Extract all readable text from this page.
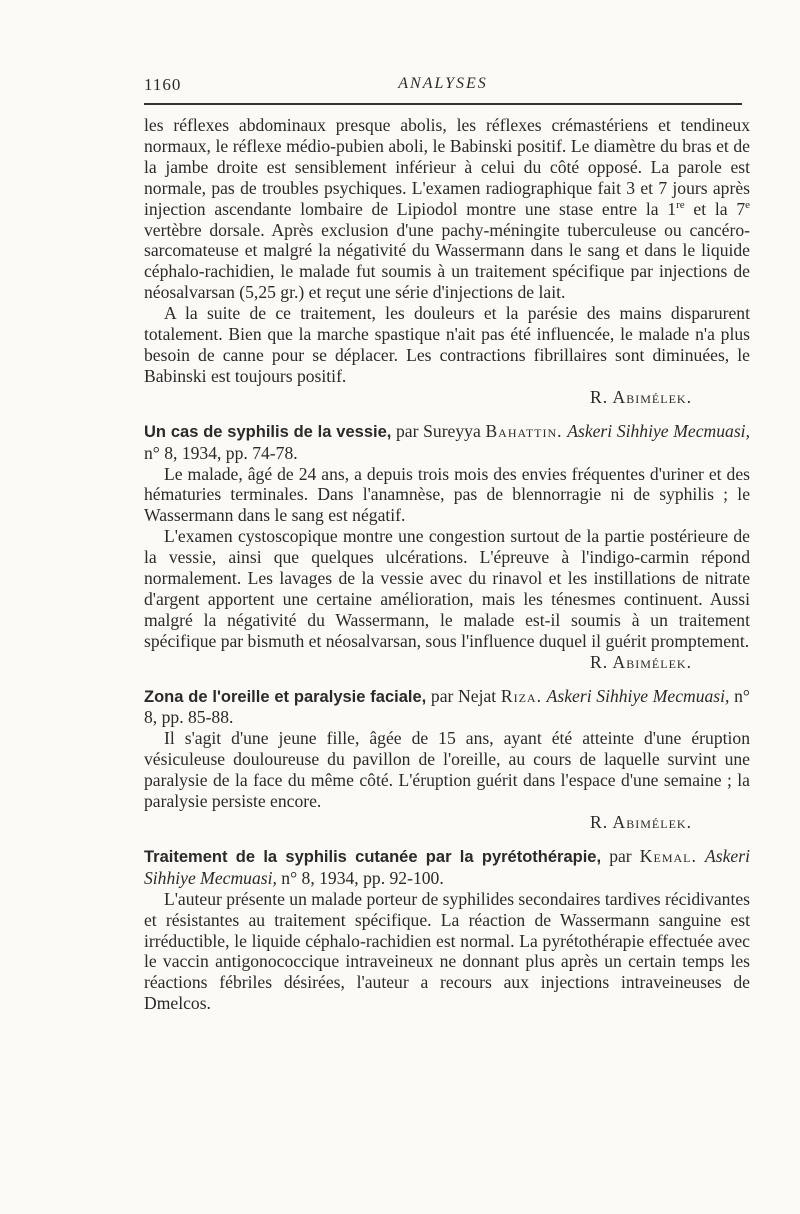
1160	ANALYSES

les réflexes abdominaux presque abolis, les réflexes crémastériens et tendineux normaux, le réflexe médio-pubien aboli, le Babinski positif. Le diamètre du bras et de la jambe droite est sensiblement inférieur à celui du côté opposé. La parole est normale, pas de troubles psychiques. L'examen radiographique fait 3 et 7 jours après injection ascendante lombaire de Lipiodol montre une stase entre la 1re et la 7e vertèbre dorsale. Après exclusion d'une pachy-méningite tuberculeuse ou cancéro-sarcomateuse et malgré la négativité du Wassermann dans le sang et dans le liquide céphalo-rachidien, le malade fut soumis à un traitement spécifique par injections de néosalvarsan (5,25 gr.) et reçut une série d'injections de lait.

A la suite de ce traitement, les douleurs et la parésie des mains disparurent totalement. Bien que la marche spastique n'ait pas été influencée, le malade n'a plus besoin de canne pour se déplacer. Les contractions fibrillaires sont diminuées, le Babinski est toujours positif.

R. Abimélek.

Un cas de syphilis de la vessie, par Sureyya Bahattin. Askeri Sihhiye Mecmuasi, n° 8, 1934, pp. 74-78.

Le malade, âgé de 24 ans, a depuis trois mois des envies fréquentes d'uriner et des hématuries terminales. Dans l'anamnèse, pas de blennorragie ni de syphilis ; le Wassermann dans le sang est négatif.

L'examen cystoscopique montre une congestion surtout de la partie postérieure de la vessie, ainsi que quelques ulcérations. L'épreuve à l'indigo-carmin répond normalement. Les lavages de la vessie avec du rinavol et les instillations de nitrate d'argent apportent une certaine amélioration, mais les ténesmes continuent. Aussi malgré la négativité du Wassermann, le malade est-il soumis à un traitement spécifique par bismuth et néosalvarsan, sous l'influence duquel il guérit promptement.

R. Abimélek.

Zona de l'oreille et paralysie faciale, par Nejat Riza. Askeri Sihhiye Mecmuasi, n° 8, pp. 85-88.

Il s'agit d'une jeune fille, âgée de 15 ans, ayant été atteinte d'une éruption vésiculeuse douloureuse du pavillon de l'oreille, au cours de laquelle survint une paralysie de la face du même côté. L'éruption guérit dans l'espace d'une semaine ; la paralysie persiste encore.

R. Abimélek.

Traitement de la syphilis cutanée par la pyrétothérapie, par Kemal. Askeri Sihhiye Mecmuasi, n° 8, 1934, pp. 92-100.

L'auteur présente un malade porteur de syphilides secondaires tardives récidivantes et résistantes au traitement spécifique. La réaction de Wassermann sanguine est irréductible, le liquide céphalo-rachidien est normal. La pyrétothérapie effectuée avec le vaccin antigonococcique intraveineux ne donnant plus après un certain temps les réactions fébriles désirées, l'auteur a recours aux injections intraveineuses de Dmelcos.
